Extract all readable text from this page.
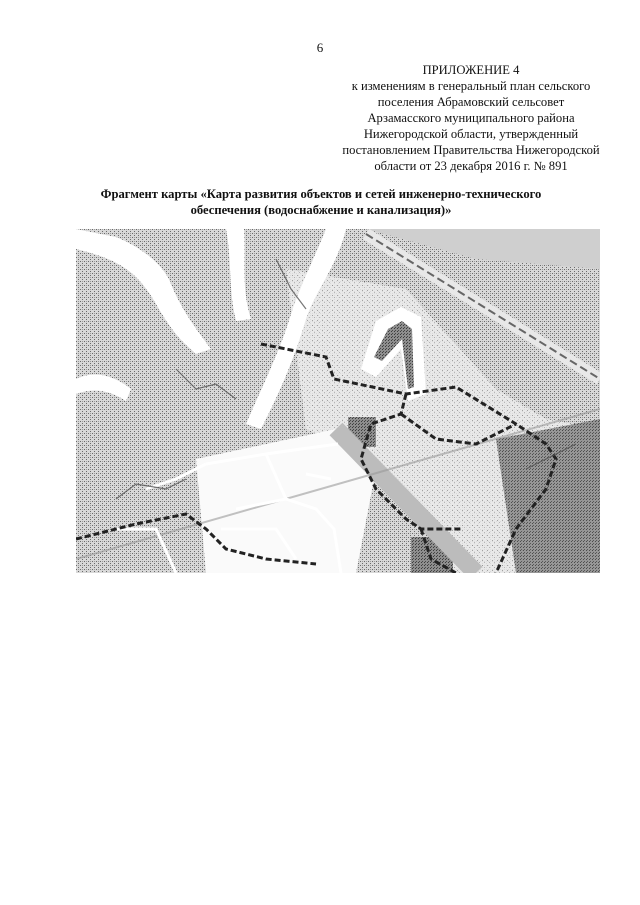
6
ПРИЛОЖЕНИЕ 4
к изменениям в генеральный план сельского
поселения Абрамовский сельсовет
Арзамасского муниципального района
Нижегородской области, утвержденный
постановлением Правительства Нижегородской
области от 23 декабря 2016 г. № 891
Фрагмент карты «Карта развития объектов и сетей инженерно-технического
обеспечения (водоснабжение и канализация)»
